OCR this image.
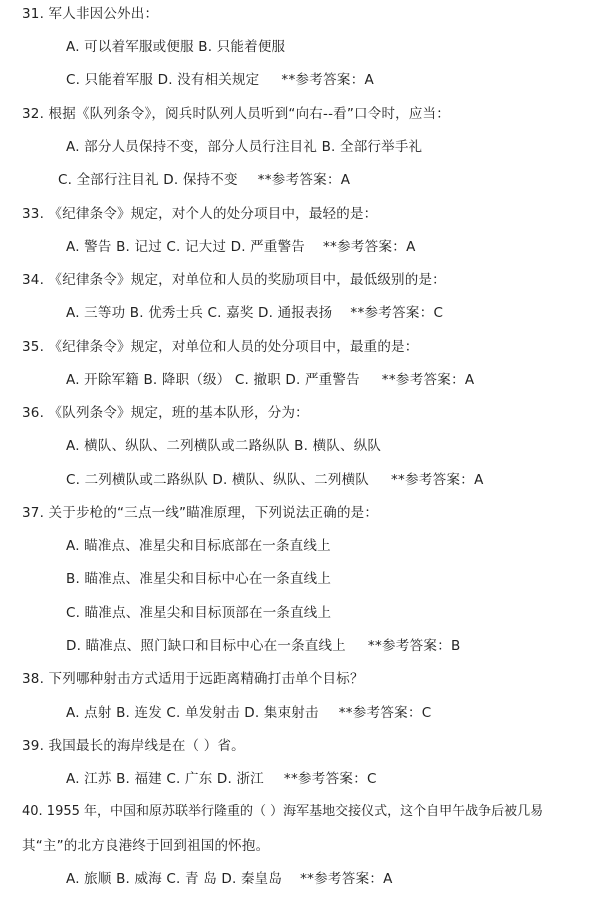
31. 军人非因公外出：
A. 可以着军服或便服 B. 只能着便服
C. 只能着军服 D. 没有相关规定 **参考答案：A
32. 根据《队列条令》，阅兵时队列人员听到“向右--看”口令时，应当：
A. 部分人员保持不变，部分人员行注目礼 B. 全部行举手礼
C. 全部行注目礼 D. 保持不变 **参考答案：A
33. 《纪律条令》规定，对个人的处分项目中，最轻的是：
A. 警告 B. 记过 C. 记大过 D. 严重警告 **参考答案：A
34. 《纪律条令》规定，对单位和人员的奖励项目中，最低级别的是：
A. 三等功 B. 优秀士兵 C. 嘉奖 D. 通报表扬 **参考答案：C
35. 《纪律条令》规定，对单位和人员的处分项目中，最重的是：
A. 开除军籍 B. 降职（级） C. 撤职 D. 严重警告 **参考答案：A
36. 《队列条令》规定，班的基本队形，分为：
A. 横队、纵队、二列横队或二路纵队 B. 横队、纵队
C. 二列横队或二路纵队 D. 横队、纵队、二列横队 **参考答案：A
37. 关于步枪的“三点一线”瞄准原理，下列说法正确的是：
A. 瞄准点、准星尖和目标底部在一条直线上
B. 瞄准点、准星尖和目标中心在一条直线上
C. 瞄准点、准星尖和目标顶部在一条直线上
D. 瞄准点、照门缺口和目标中心在一条直线上 **参考答案：B
38. 下列哪种射击方式适用于远距离精确打击单个目标？
A. 点射 B. 连发 C. 单发射击 D. 集束射击 **参考答案：C
39. 我国最长的海岸线是在（ ）省。
A. 江苏 B. 福建 C. 广东 D. 浙江 **参考答案：C
40. 1955 年，中国和原苏联举行隆重的（ ）海军基地交接仪式，这个自甲午战争后被几易
其“主”的北方良港终于回到祖国的怀抱。
A. 旅顺 B. 威海 C. 青 岛 D. 秦皇岛 **参考答案：A
